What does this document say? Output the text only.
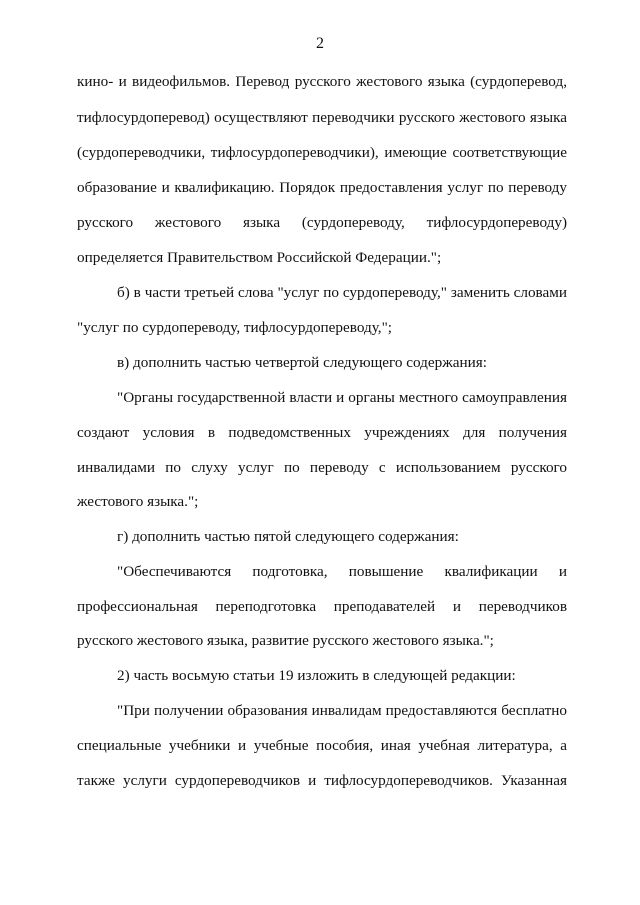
2
кино- и видеофильмов. Перевод русского жестового языка (сурдоперевод,
тифлосурдоперевод) осуществляют переводчики русского жестового языка
(сурдопереводчики, тифлосурдопереводчики), имеющие соответствующие
образование и квалификацию. Порядок предоставления услуг по переводу
русского жестового языка (сурдопереводу, тифлосурдопереводу)
определяется Правительством Российской Федерации.";
б) в части третьей слова "услуг по сурдопереводу," заменить словами
"услуг по сурдопереводу, тифлосурдопереводу,";
в) дополнить частью четвертой следующего содержания:
"Органы государственной власти и органы местного самоуправления
создают условия в подведомственных учреждениях для получения
инвалидами по слуху услуг по переводу с использованием русского
жестового языка.";
г) дополнить частью пятой следующего содержания:
"Обеспечиваются подготовка, повышение квалификации и
профессиональная переподготовка преподавателей и переводчиков
русского жестового языка, развитие русского жестового языка.";
2) часть восьмую статьи 19 изложить в следующей редакции:
"При получении образования инвалидам предоставляются бесплатно
специальные учебники и учебные пособия, иная учебная литература, а
также услуги сурдопереводчиков и тифлосурдопереводчиков. Указанная
